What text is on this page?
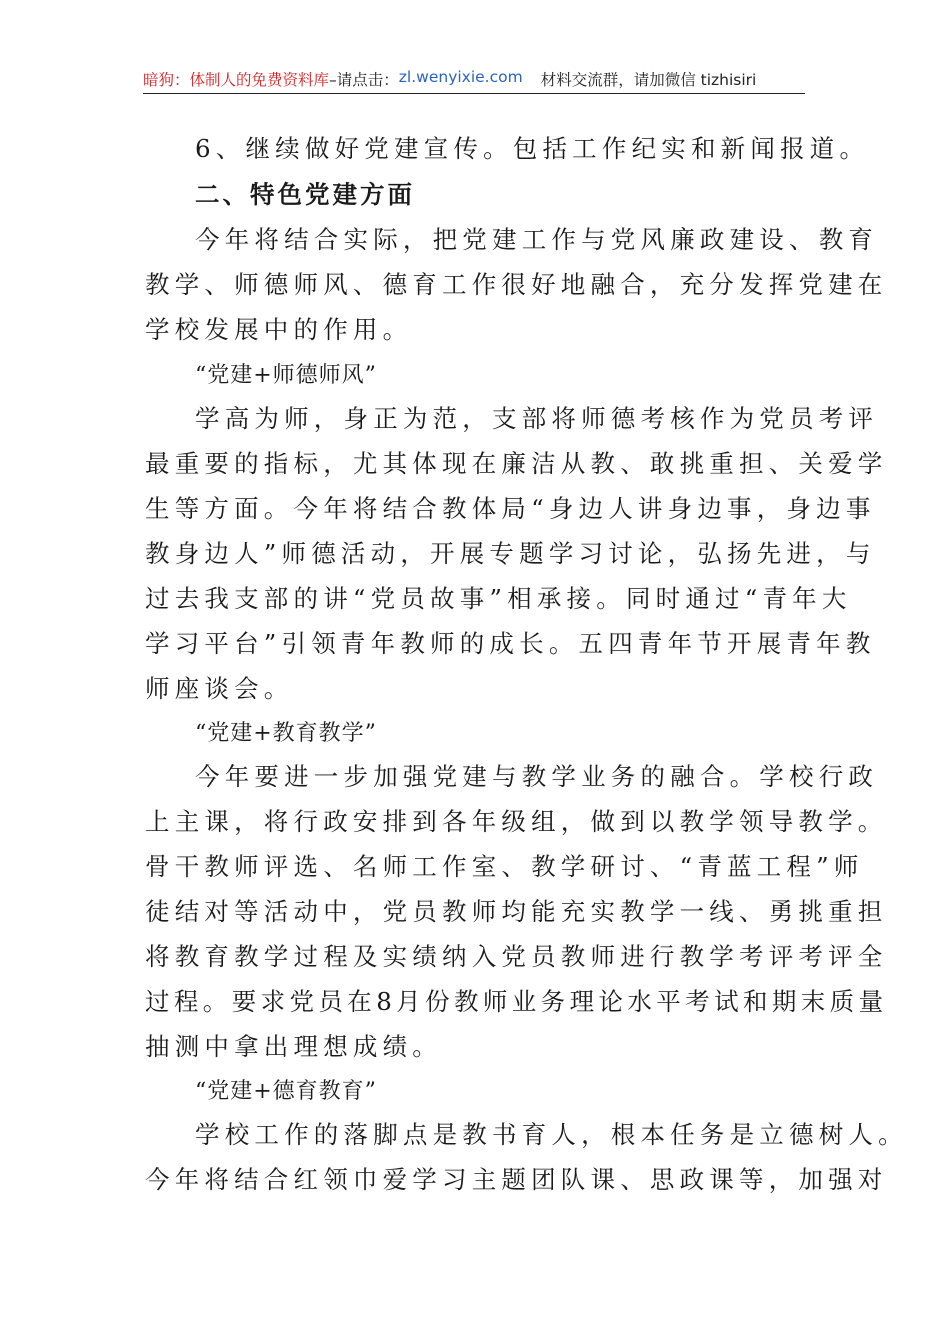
暗狗：体制人的免费资料库 –请点击： zl.wenyixie.com 材料交流群，请加微信 tizhisiri
6、继续做好党建宣传。包括工作纪实和新闻报道。
二、特色党建方面
今年将结合实际，把党建工作与党风廉政建设、教育
教学、师德师风、德育工作很好地融合，充分发挥党建在
学校发展中的作用。
“党建+师德师风”
学高为师，身正为范，支部将师德考核作为党员考评
最重要的指标，尤其体现在廉洁从教、敢挑重担、关爱学
生等方面。今年将结合教体局“身边人讲身边事，身边事
教身边人”师德活动，开展专题学习讨论，弘扬先进，与
过去我支部的讲“党员故事”相承接。同时通过“青年大
学习平台”引领青年教师的成长。五四青年节开展青年教
师座谈会。
“党建+教育教学”
今年要进一步加强党建与教学业务的融合。学校行政
上主课，将行政安排到各年级组，做到以教学领导教学。
骨干教师评选、名师工作室、教学研讨、“青蓝工程”师
徒结对等活动中，党员教师均能充实教学一线、勇挑重担
将教育教学过程及实绩纳入党员教师进行教学考评考评全
过程。要求党员在8月份教师业务理论水平考试和期末质量
抽测中拿出理想成绩。
“党建+德育教育”
学校工作的落脚点是教书育人，根本任务是立德树人。
今年将结合红领巾爱学习主题团队课、思政课等，加强对
